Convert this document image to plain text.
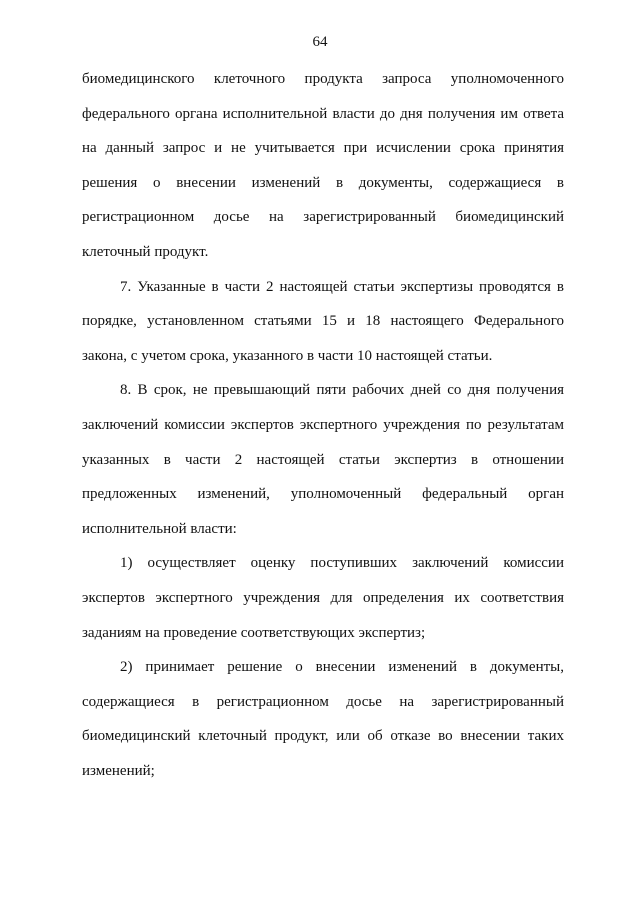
64
биомедицинского клеточного продукта запроса уполномоченного
федерального органа исполнительной власти до дня получения им ответа
на данный запрос и не учитывается при исчислении срока принятия
решения о внесении изменений в документы, содержащиеся в
регистрационном досье на зарегистрированный биомедицинский
клеточный продукт.
7. Указанные в части 2 настоящей статьи экспертизы проводятся в
порядке, установленном статьями 15 и 18 настоящего Федерального
закона, с учетом срока, указанного в части 10 настоящей статьи.
8. В срок, не превышающий пяти рабочих дней со дня получения
заключений комиссии экспертов экспертного учреждения по результатам
указанных в части 2 настоящей статьи экспертиз в отношении
предложенных изменений, уполномоченный федеральный орган
исполнительной власти:
1) осуществляет оценку поступивших заключений комиссии
экспертов экспертного учреждения для определения их соответствия
заданиям на проведение соответствующих экспертиз;
2) принимает решение о внесении изменений в документы,
содержащиеся в регистрационном досье на зарегистрированный
биомедицинский клеточный продукт, или об отказе во внесении таких
изменений;
